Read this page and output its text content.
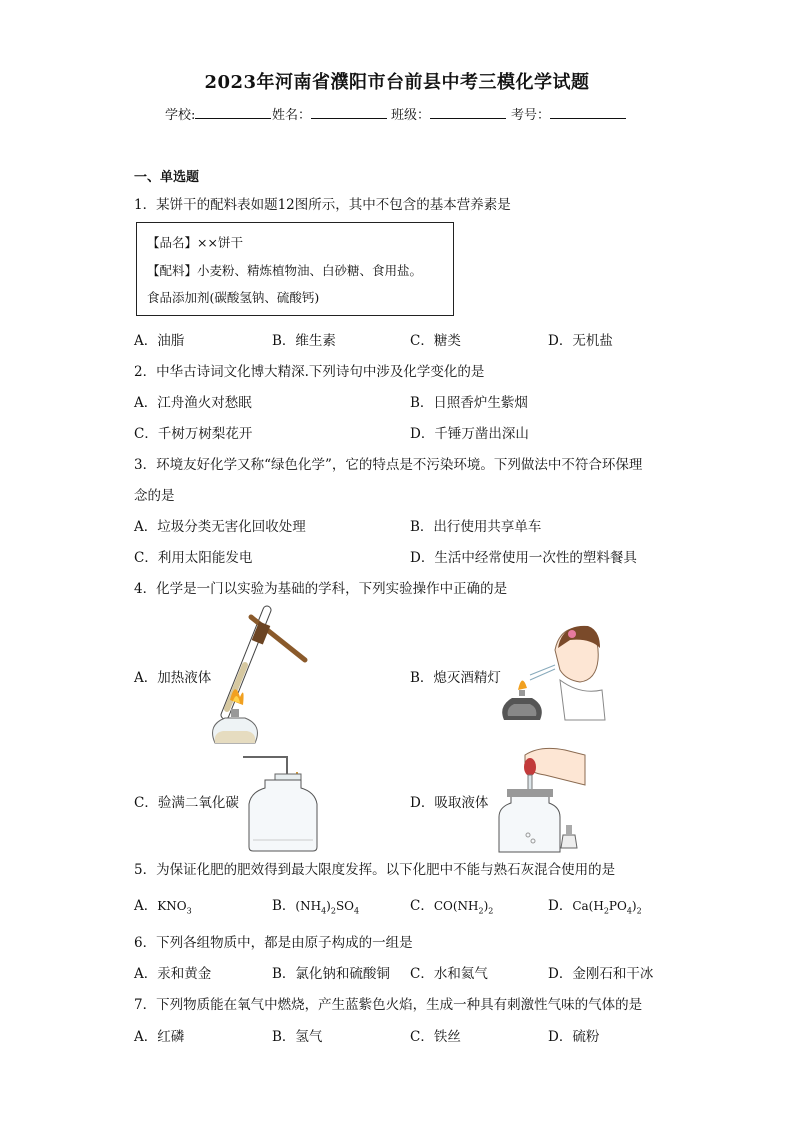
2023年河南省濮阳市台前县中考三模化学试题
学校:	姓名：	班级：	考号：
一、单选题
1．某饼干的配料表如题12图所示，其中不包含的基本营养素是
【品名】××饼干
【配料】小麦粉、精炼植物油、白砂糖、食用盐。
食品添加剂(碳酸氢钠、硫酸钙)
A．油脂	B．维生素	C．糖类	D．无机盐
2．中华古诗词文化博大精深.下列诗句中涉及化学变化的是
A．江舟渔火对愁眠	B．日照香炉生紫烟
C．千树万树梨花开	D．千锤万凿出深山
3．环境友好化学又称“绿色化学”，它的特点是不污染环境。下列做法中不符合环保理
念的是
A．垃圾分类无害化回收处理	B．出行使用共享单车
C．利用太阳能发电	D．生活中经常使用一次性的塑料餐具
4．化学是一门以实验为基础的学科，下列实验操作中正确的是
A．加热液体	B．熄灭酒精灯
C．验满二氧化碳	D．吸取液体
5．为保证化肥的肥效得到最大限度发挥。以下化肥中不能与熟石灰混合使用的是
A．$KNO_3$	B．$(NH_4)_2SO_4$	C．$CO(NH_2)_2$	D．$Ca(H_2PO_4)_2$
6．下列各组物质中，都是由原子构成的一组是
A．汞和黄金	B．氯化钠和硫酸铜 C．水和氦气	D．金刚石和干冰
7．下列物质能在氧气中燃烧，产生蓝紫色火焰，生成一种具有刺激性气味的气体的是
A．红磷	B．氢气	C．铁丝	D．硫粉
